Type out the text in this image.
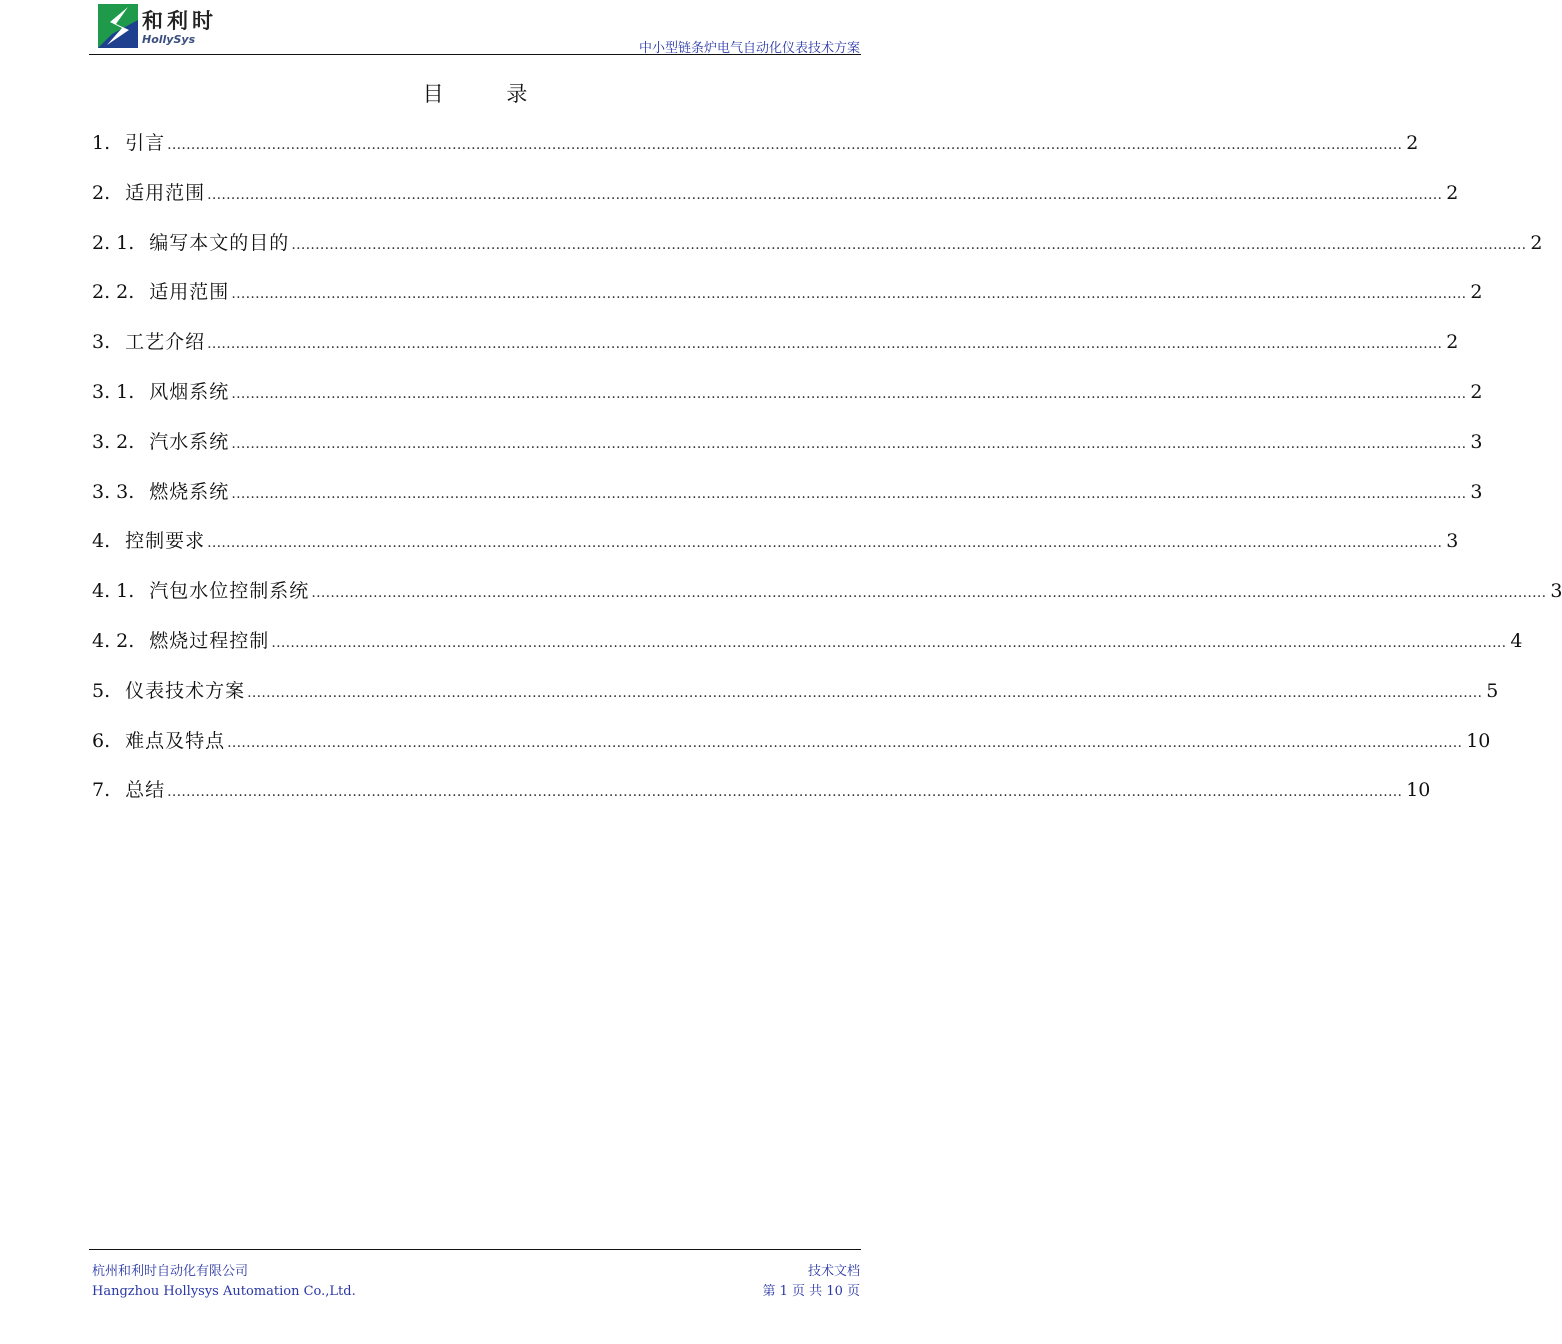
和利时
HollySys
中小型链条炉电气自动化仪表技术方案
目 录
1. 引言 .................................................................................................................................................................................................................................................................... 2
2. 适用范围 .................................................................................................................................................................................................................................................................... 2
2. 1. 编写本文的目的 .................................................................................................................................................................................................................................................................... 2
2. 2. 适用范围 .................................................................................................................................................................................................................................................................... 2
3. 工艺介绍 .................................................................................................................................................................................................................................................................... 2
3. 1. 风烟系统 .................................................................................................................................................................................................................................................................... 2
3. 2. 汽水系统 .................................................................................................................................................................................................................................................................... 3
3. 3. 燃烧系统 .................................................................................................................................................................................................................................................................... 3
4. 控制要求 .................................................................................................................................................................................................................................................................... 3
4. 1. 汽包水位控制系统 .................................................................................................................................................................................................................................................................... 3
4. 2. 燃烧过程控制 .................................................................................................................................................................................................................................................................... 4
5. 仪表技术方案 .................................................................................................................................................................................................................................................................... 5
6. 难点及特点 .................................................................................................................................................................................................................................................................... 10
7. 总结 .................................................................................................................................................................................................................................................................... 10
杭州和利时自动化有限公司
Hangzhou Hollysys Automation Co.,Ltd.
技术文档
第 1 页 共 10 页
